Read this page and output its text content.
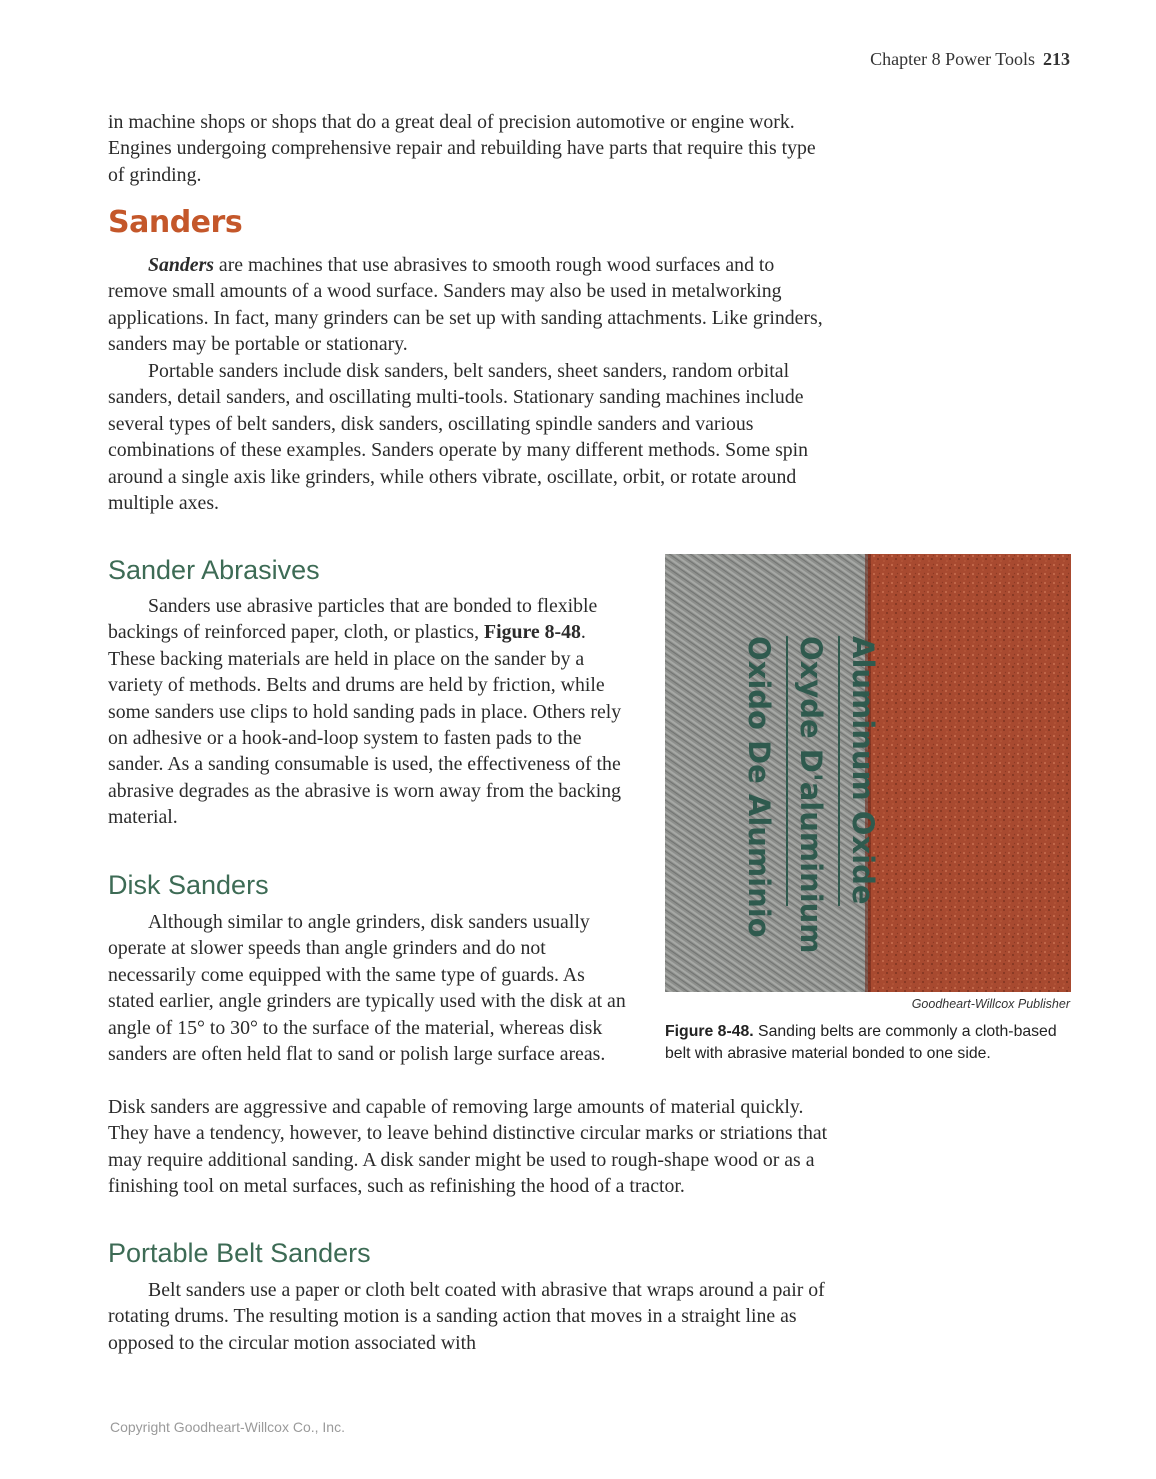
Chapter 8 Power Tools 213

in machine shops or shops that do a great deal of precision automotive or engine work. Engines undergoing comprehensive repair and rebuilding have parts that require this type of grinding.

Sanders

Sanders are machines that use abrasives to smooth rough wood surfaces and to remove small amounts of a wood surface. Sanders may also be used in metalworking applications. In fact, many grinders can be set up with sanding attachments. Like grinders, sanders may be portable or stationary.

Portable sanders include disk sanders, belt sanders, sheet sanders, random orbital sanders, detail sanders, and oscillating multi-tools. Stationary sanding machines include several types of belt sanders, disk sanders, oscillating spindle sanders and various combinations of these examples. Sanders operate by many different methods. Some spin around a single axis like grinders, while others vibrate, oscillate, orbit, or rotate around multiple axes.

Sander Abrasives

Sanders use abrasive particles that are bonded to flexible backings of reinforced paper, cloth, or plastics, Figure 8-48. These backing materials are held in place on the sander by a variety of methods. Belts and drums are held by friction, while some sanders use clips to hold sanding pads in place. Others rely on adhesive or a hook-and-loop system to fasten pads to the sander. As a sanding consumable is used, the effectiveness of the abrasive degrades as the abrasive is worn away from the backing material.

Disk Sanders

Although similar to angle grinders, disk sanders usually operate at slower speeds than angle grinders and do not necessarily come equipped with the same type of guards. As stated earlier, angle grinders are typically used with the disk at an angle of 15° to 30° to the surface of the material, whereas disk sanders are often held flat to sand or polish large surface areas.

Disk sanders are aggressive and capable of removing large amounts of material quickly. They have a tendency, however, to leave behind distinctive circular marks or striations that may require additional sanding. A disk sander might be used to rough-shape wood or as a finishing tool on metal surfaces, such as refinishing the hood of a tractor.

Portable Belt Sanders

Belt sanders use a paper or cloth belt coated with abrasive that wraps around a pair of rotating drums. The resulting motion is a sanding action that moves in a straight line as opposed to the circular motion associated with

Aluminum Oxide
Oxyde D'aluminium
Oxido De Aluminio
Goodheart-Willcox Publisher
Figure 8-48. Sanding belts are commonly a cloth-based belt with abrasive material bonded to one side.
Copyright Goodheart-Willcox Co., Inc.
